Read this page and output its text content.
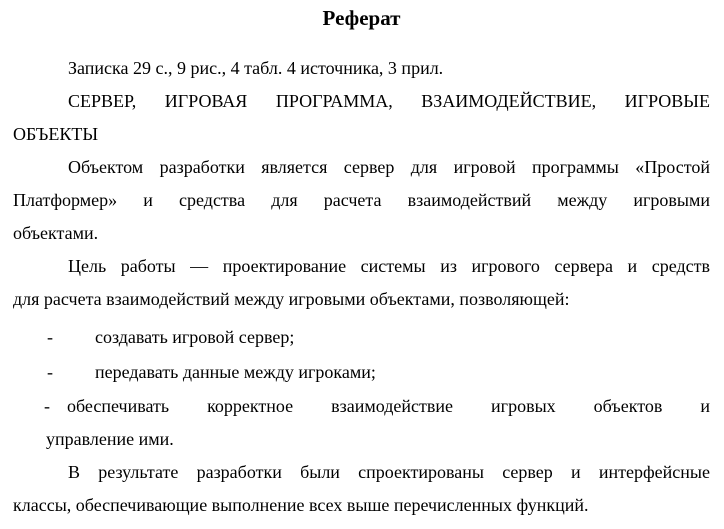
Реферат
Записка 29 с., 9 рис., 4 табл. 4 источника, 3 прил.
СЕРВЕР, ИГРОВАЯ ПРОГРАММА, ВЗАИМОДЕЙСТВИЕ, ИГРОВЫЕ
ОБЪЕКТЫ
Объектом разработки является сервер для игровой программы «Простой
Платформер» и средства для расчета взаимодействий между игровыми
объектами.
Цель работы — проектирование системы из игрового сервера и средств
для расчета взаимодействий между игровыми объектами, позволяющей:
- создавать игровой сервер;
- передавать данные между игроками;
- обеспечивать корректное взаимодействие игровых объектов и
управление ими.
В результате разработки были спроектированы сервер и интерфейсные
классы, обеспечивающие выполнение всех выше перечисленных функций.
